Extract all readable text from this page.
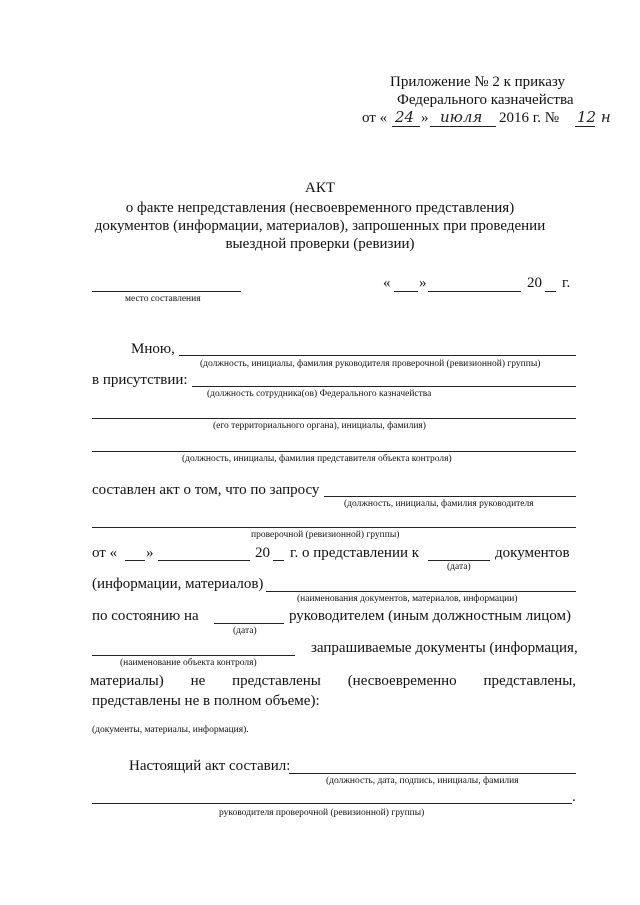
Приложение № 2 к приказу
Федерального казначейства
от « 24 » июля 2016 г. № 12 н
АКТ
о факте непредставления (несвоевременного представления)
документов (информации, материалов), запрошенных при проведении
выездной проверки (ревизии)
место составления
« »	20 г.
Мною,
(должность, инициалы, фамилия руководителя проверочной (ревизионной) группы)
в присутствии:
(должность сотрудника(ов) Федерального казначейства
(его территориального органа), инициалы, фамилия)
(должность, инициалы, фамилия представителя объекта контроля)
составлен акт о том, что по запросу
(должность, инициалы, фамилия руководителя
проверочной (ревизионной) группы)
от « »	20 г. о представлении к	документов
(дата)
(информации, материалов)
(наименования документов, материалов, информации)
по состоянию на	руководителем (иным должностным лицом)
(дата)
запрашиваемые документы (информация,
(наименование объекта контроля)
материалы) не представлены (несвоевременно представлены,
представлены не в полном объеме):
(документы, материалы, информация).
Настоящий акт составил:
(должность, дата, подпись, инициалы, фамилия
.
руководителя проверочной (ревизионной) группы)
